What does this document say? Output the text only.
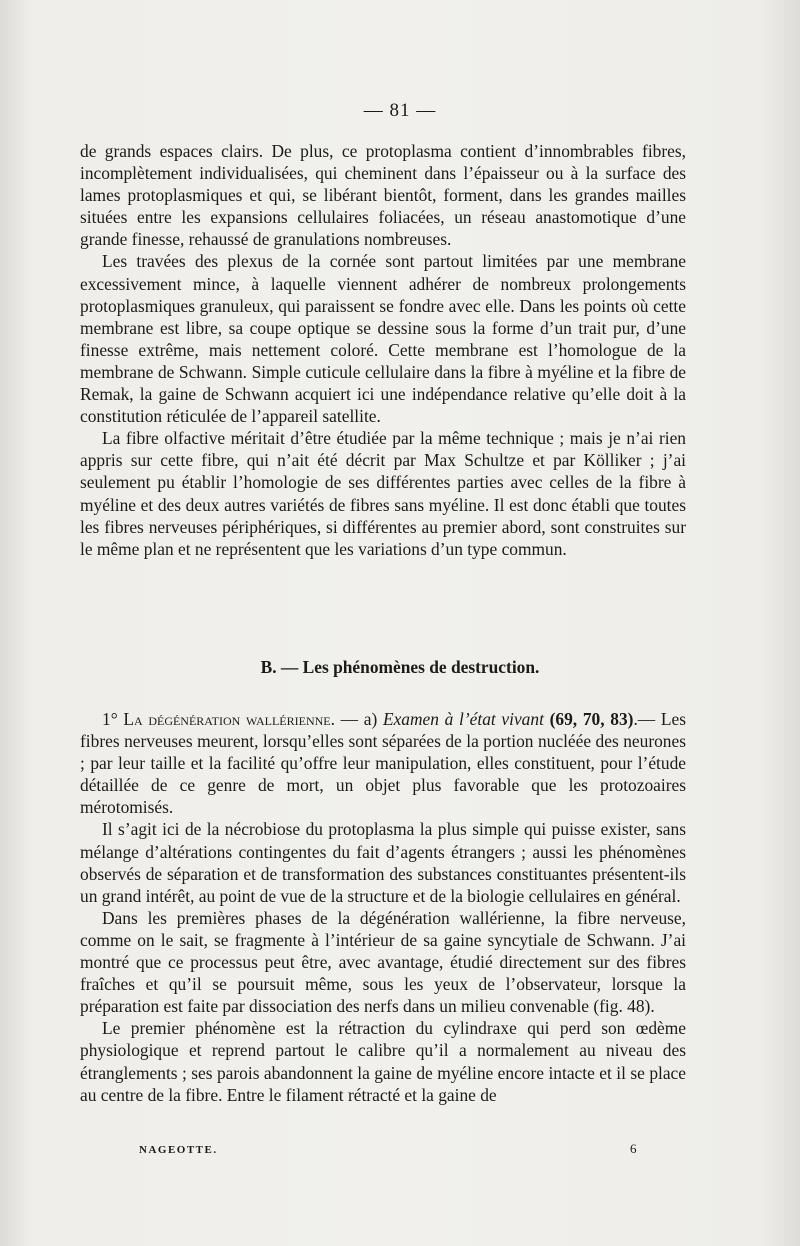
— 81 —

de grands espaces clairs. De plus, ce protoplasma contient d’innombrables fibres, incomplètement individualisées, qui cheminent dans l’épaisseur ou à la surface des lames protoplasmiques et qui, se libérant bientôt, forment, dans les grandes mailles situées entre les expansions cellulaires foliacées, un réseau anastomotique d’une grande finesse, rehaussé de granulations nombreuses.

Les travées des plexus de la cornée sont partout limitées par une membrane excessivement mince, à laquelle viennent adhérer de nombreux prolongements protoplasmiques granuleux, qui paraissent se fondre avec elle. Dans les points où cette membrane est libre, sa coupe optique se dessine sous la forme d’un trait pur, d’une finesse extrême, mais nettement coloré. Cette membrane est l’homologue de la membrane de Schwann. Simple cuticule cellulaire dans la fibre à myéline et la fibre de Remak, la gaine de Schwann acquiert ici une indépendance relative qu’elle doit à la constitution réticulée de l’appareil satellite.

La fibre olfactive méritait d’être étudiée par la même technique ; mais je n’ai rien appris sur cette fibre, qui n’ait été décrit par Max Schultze et par Kölliker ; j’ai seulement pu établir l’homologie de ses différentes parties avec celles de la fibre à myéline et des deux autres variétés de fibres sans myéline. Il est donc établi que toutes les fibres nerveuses périphériques, si différentes au premier abord, sont construites sur le même plan et ne représentent que les variations d’un type commun.

B. — Les phénomènes de destruction.

1° La dégénération wallérienne. — a) Examen à l’état vivant (69, 70, 83).— Les fibres nerveuses meurent, lorsqu’elles sont séparées de la portion nucléée des neurones ; par leur taille et la facilité qu’offre leur manipulation, elles constituent, pour l’étude détaillée de ce genre de mort, un objet plus favorable que les protozoaires mérotomisés.

Il s’agit ici de la nécrobiose du protoplasma la plus simple qui puisse exister, sans mélange d’altérations contingentes du fait d’agents étrangers ; aussi les phénomènes observés de séparation et de transformation des substances constituantes présentent-ils un grand intérêt, au point de vue de la structure et de la biologie cellulaires en général.

Dans les premières phases de la dégénération wallérienne, la fibre nerveuse, comme on le sait, se fragmente à l’intérieur de sa gaine syncytiale de Schwann. J’ai montré que ce processus peut être, avec avantage, étudié directement sur des fibres fraîches et qu’il se poursuit même, sous les yeux de l’observateur, lorsque la préparation est faite par dissociation des nerfs dans un milieu convenable (fig. 48).

Le premier phénomène est la rétraction du cylindraxe qui perd son œdème physiologique et reprend partout le calibre qu’il a normalement au niveau des étranglements ; ses parois abandonnent la gaine de myéline encore intacte et il se place au centre de la fibre. Entre le filament rétracté et la gaine de

NAGEOTTE.	6
